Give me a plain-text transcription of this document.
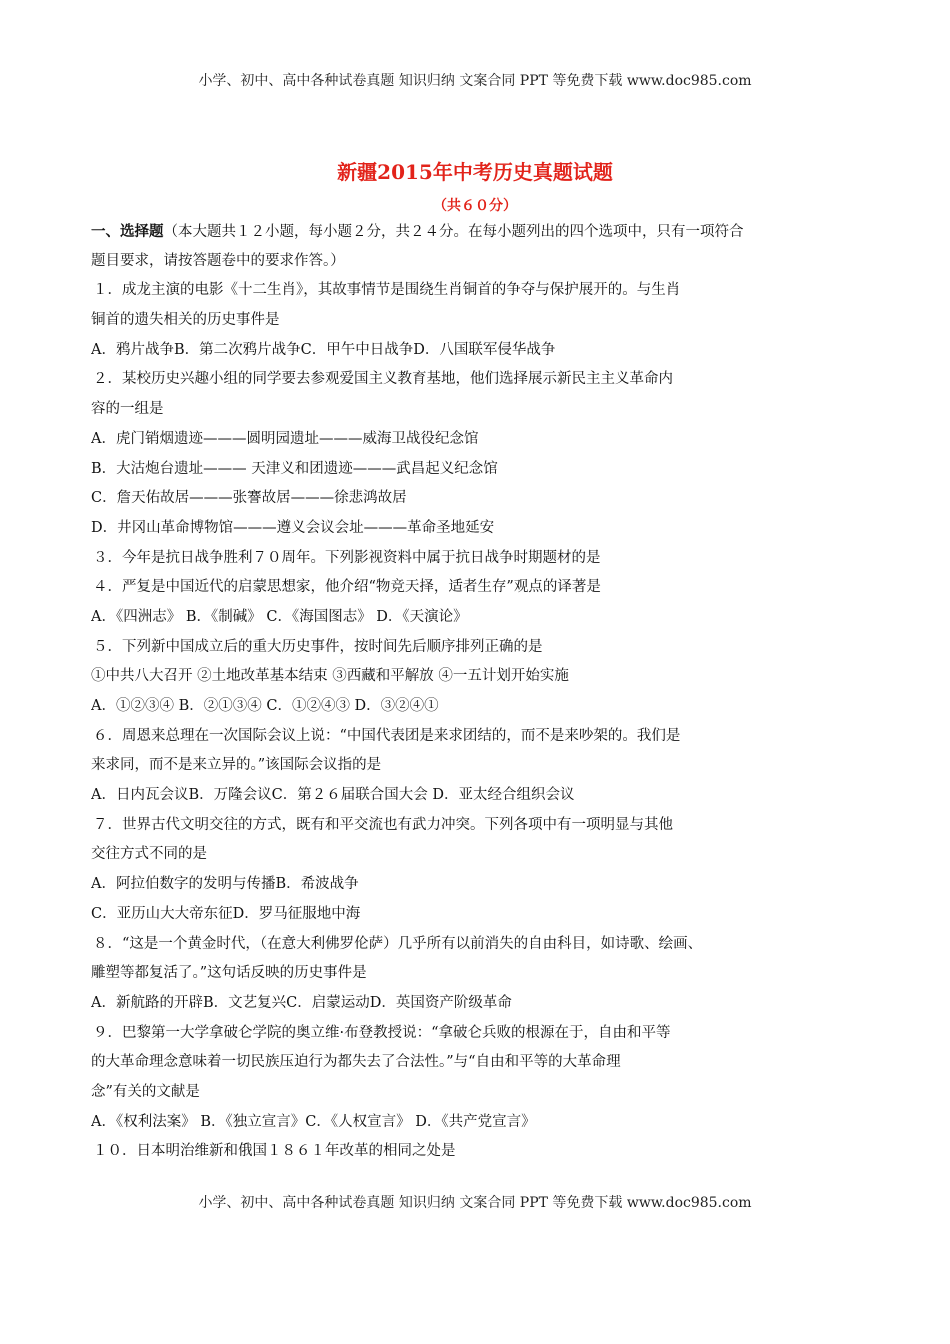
小学、初中、高中各种试卷真题 知识归纳 文案合同 PPT 等免费下载 www.doc985.com
新疆2015年中考历史真题试题
（共６０分）
一、选择题（本大题共１２小题，每小题２分，共２４分。在每小题列出的四个选项中，只有一项符合
题目要求，请按答题卷中的要求作答。）
１．成龙主演的电影《十二生肖》，其故事情节是围绕生肖铜首的争夺与保护展开的。与生肖
铜首的遗失相关的历史事件是
A．鸦片战争B．第二次鸦片战争C．甲午中日战争D．八国联军侵华战争
２．某校历史兴趣小组的同学要去参观爱国主义教育基地，他们选择展示新民主主义革命内
容的一组是
A．虎门销烟遗迹———圆明园遗址———威海卫战役纪念馆
B．大沽炮台遗址——— 天津义和团遗迹———武昌起义纪念馆
C．詹天佑故居———张謇故居———徐悲鸿故居
D．井冈山革命博物馆———遵义会议会址———革命圣地延安
３．今年是抗日战争胜利７０周年。下列影视资料中属于抗日战争时期题材的是
４．严复是中国近代的启蒙思想家，他介绍“物竞天择，适者生存”观点的译著是
A．《四洲志》 B．《制碱》 C．《海国图志》 D．《天演论》
５．下列新中国成立后的重大历史事件，按时间先后顺序排列正确的是
①中共八大召开 ②土地改革基本结束 ③西藏和平解放 ④一五计划开始实施
A．①②③④ B．②①③④ C．①②④③ D．③②④①
６．周恩来总理在一次国际会议上说：“中国代表团是来求团结的，而不是来吵架的。我们是
来求同，而不是来立异的。”该国际会议指的是
A．日内瓦会议B．万隆会议C．第２６届联合国大会 D．亚太经合组织会议
７．世界古代文明交往的方式，既有和平交流也有武力冲突。下列各项中有一项明显与其他
交往方式不同的是
A．阿拉伯数字的发明与传播B．希波战争
C．亚历山大大帝东征D．罗马征服地中海
８．“这是一个黄金时代，（在意大利佛罗伦萨）几乎所有以前消失的自由科目，如诗歌、绘画、
雕塑等都复活了。”这句话反映的历史事件是
A．新航路的开辟B．文艺复兴C．启蒙运动D．英国资产阶级革命
９．巴黎第一大学拿破仑学院的奥立维·布登教授说：“拿破仑兵败的根源在于，自由和平等
的大革命理念意味着一切民族压迫行为都失去了合法性。”与“自由和平等的大革命理
念”有关的文献是
A．《权利法案》 B．《独立宣言》C．《人权宣言》 D．《共产党宣言》
１０．日本明治维新和俄国１８６１年改革的相同之处是
小学、初中、高中各种试卷真题 知识归纳 文案合同 PPT 等免费下载 www.doc985.com
